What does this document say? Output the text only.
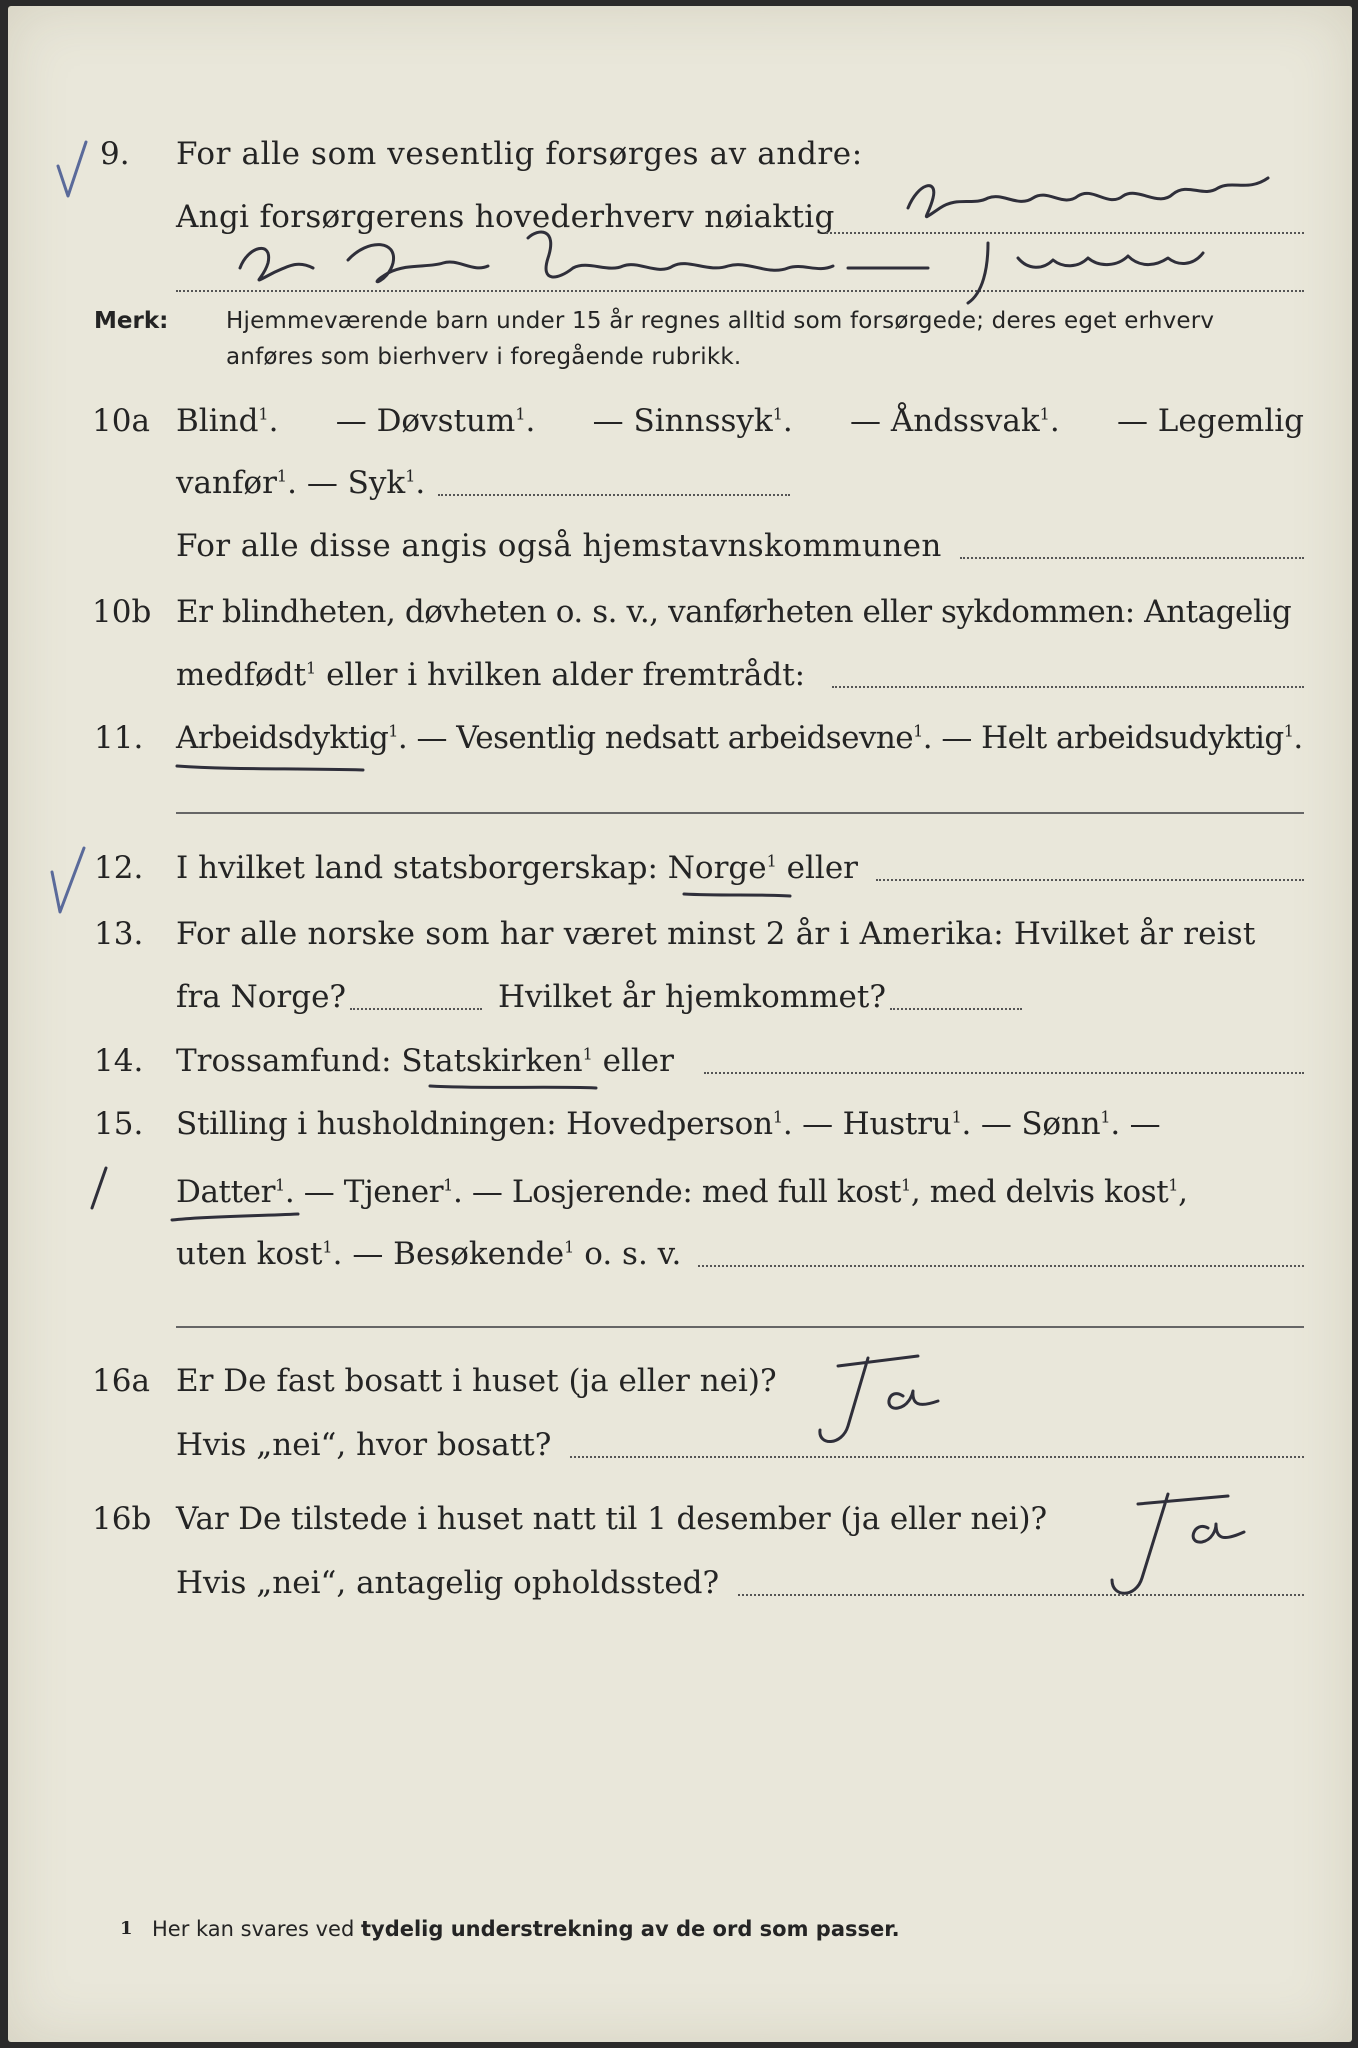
9. For alle som vesentlig forsørges av andre:
Angi forsørgerens hovederhverv nøiaktig
Merk:	Hjemmeværende barn under 15 år regnes alltid som forsørgede; deres eget erhverv
anføres som bierhverv i foregående rubrikk.
10a Blind$^1$. — Døvstum$^1$. — Sinnssyk$^1$. — Åndssvak$^1$. — Legemlig
vanfør$^1$. — Syk$^1$.
For alle disse angis også hjemstavnskommunen
10b Er blindheten, døvheten o. s. v., vanførheten eller sykdommen: Antagelig
medfødt$^1$ eller i hvilken alder fremtrådt:
11. Arbeidsdyktig$^1$. — Vesentlig nedsatt arbeidsevne$^1$. — Helt arbeidsudyktig$^1$.
12. I hvilket land statsborgerskap: Norge$^1$ eller
13. For alle norske som har været minst 2 år i Amerika: Hvilket år reist
fra Norge?	Hvilket år hjemkommet?
14. Trossamfund: Statskirken$^1$ eller
15. Stilling i husholdningen: Hovedperson$^1$. — Hustru$^1$. — Sønn$^1$. —
Datter$^1$. — Tjener$^1$. — Losjerende: med full kost$^1$, med delvis kost$^1$,
uten kost$^1$. — Besøkende$^1$ o. s. v.
16a Er De fast bosatt i huset (ja eller nei)?
Hvis „nei“, hvor bosatt?
16b Var De tilstede i huset natt til 1 desember (ja eller nei)?
Hvis „nei“, antagelig opholdssted?
1 Her kan svares ved tydelig understrekning av de ord som passer.
